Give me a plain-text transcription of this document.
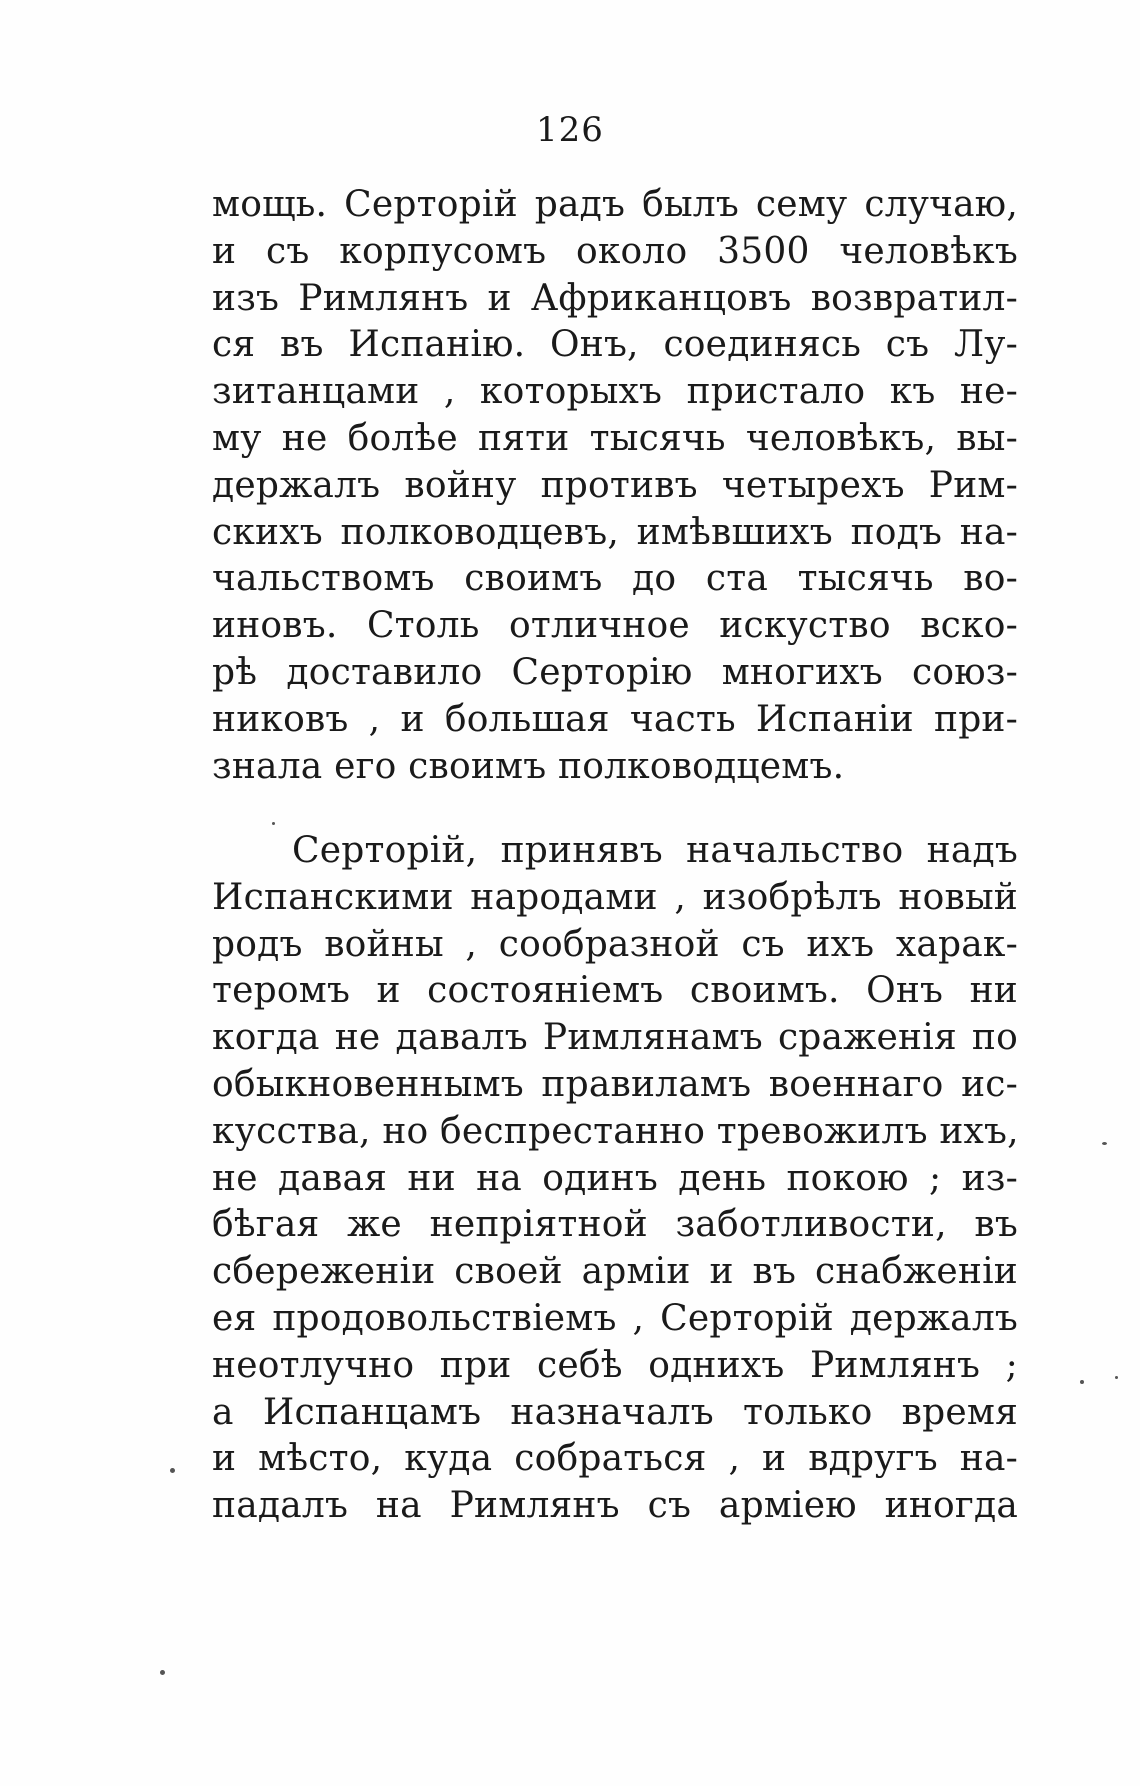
126
мощь. Серторій радъ былъ сему случаю,
и съ корпусомъ около 3500 человѣкъ
изъ Римлянъ и Африканцовъ возвратил-
ся въ Испанію. Онъ, соединясь съ Лу-
зитанцами , которыхъ пристало къ не-
му не болѣе пяти тысячь человѣкъ, вы-
держалъ войну противъ четырехъ Рим-
скихъ полководцевъ, имѣвшихъ подъ на-
чальствомъ своимъ до ста тысячь во-
иновъ. Столь отличное искуство вско-
рѣ доставило Серторію многихъ союз-
никовъ , и большая часть Испаніи при-
знала его своимъ полководцемъ.
Серторій, принявъ начальство надъ
Испанскими народами , изобрѣлъ новый
родъ войны , сообразной съ ихъ харак-
теромъ и состояніемъ своимъ. Онъ ни
когда не давалъ Римлянамъ сраженія по
обыкновеннымъ правиламъ военнаго ис-
кусства, но беспрестанно тревожилъ ихъ,
не давая ни на одинъ день покою ; из-
бѣгая же непріятной заботливости, въ
сбереженіи своей арміи и въ снабженіи
ея продовольствіемъ , Серторій держалъ
неотлучно при себѣ однихъ Римлянъ ;
а Испанцамъ назначалъ только время
и мѣсто, куда собраться , и вдругъ на-
падалъ на Римлянъ съ арміею иногда
